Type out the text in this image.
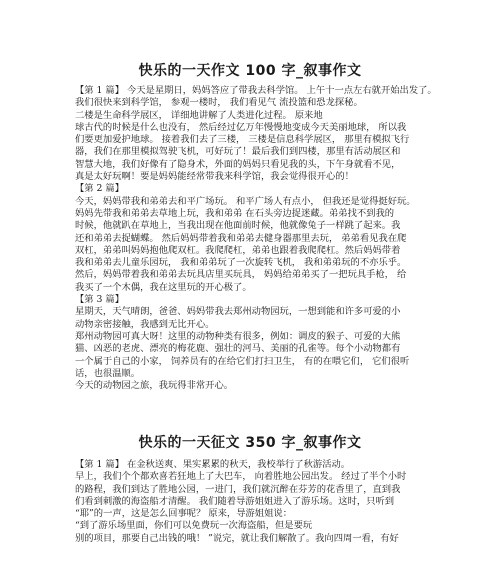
快乐的一天作文 100 字_叙事作文
【第 1 篇】 今天是星期日，妈妈答应了带我去科学馆。 上午十一点左右就开始出发了。
我们很快来到科学馆， 参观一楼时， 我们看见气 流投篮和恐龙探秘。
二楼是生命科学展区， 详细地讲解了人类进化过程。 原来地
球古代的时候是什么也没有， 然后经过亿万年慢慢地变成今天美丽地球， 所以我
们要更加爱护地球。 接着我们去了三楼， 三楼是信息科学展区， 那里有模拟飞行
器，我们在那里模拟驾驶飞机，可好玩了！最后我们到四楼，那里有活动展区和
智慧大地，我们好像有了隐身术，外面的妈妈只看见我的头，下午身就看不见，
真是太好玩啊！要是妈妈能经常带我来科学馆，我会觉得很开心的！
【第 2 篇】
今天，妈妈带我和弟弟去和平广场玩。 和平广场人有点小， 但我还是觉得挺好玩。
妈妈先带我和弟弟去草地上玩，我和弟弟 在石头旁边捉迷藏。弟弟找不到我的
时候，他就趴在草地上，当我出现在他面前时候，他就像兔子一样跳了起来。我
还和弟弟去捉蝴蝶。 然后妈妈带着我和弟弟去健身器那里去玩， 弟弟看见我在爬
双杠，弟弟叫妈妈抱他爬双杠。我爬爬杠，弟弟也跟着我爬爬杠。然后妈妈带着
我和弟弟去儿童乐园玩， 我和弟弟玩了一次旋转飞机， 我和弟弟玩的不亦乐乎。
然后，妈妈带着我和弟弟去玩具店里买玩具， 妈妈给弟弟买了一把玩具手枪， 给
我买了一个木偶，我在这里玩的开心极了。
【第 3 篇】
星期天，天气晴朗，爸爸、妈妈带我去郑州动物园玩，一想到能和许多可爱的小
动物亲密接触，我感到无比开心。
郑州动物园可真大呀！这里的动物种类有很多，例如：调皮的猴子、可爱的大熊
猫、凶恶的老虎、漂亮的梅花鹿、强壮的河马、美丽的孔雀等。每个小动物都有
一个属于自己的小家， 饲养员有的在给它们打扫卫生， 有的在喂它们， 它们很听
话，也很温顺。
今天的动物园之旅，我玩得非常开心。
快乐的一天征文 350 字_叙事作文
【第 1 篇】 在金秋送爽、果实累累的秋天，我校举行了秋游活动。
早上，我们个个都欢喜若狂地上了大巴车， 向着胜地公园出发。 经过了半个小时
的路程，我们到达了胜地公园，一进门，我们就沉醉在芬芳的花香里了，直到我
们看到刺激的海盗船才清醒。 我们随着导游姐姐进入了游乐场。这时，只听到
“耶”的一声，这是怎么回事呢？ 原来，导游姐姐说：
“到了游乐场里面，你们可以免费玩一次海盗船，但是要玩
别的项目，那要自己出钱的哦！ ”说完，就让我们解散了。我向四周一看，有好
